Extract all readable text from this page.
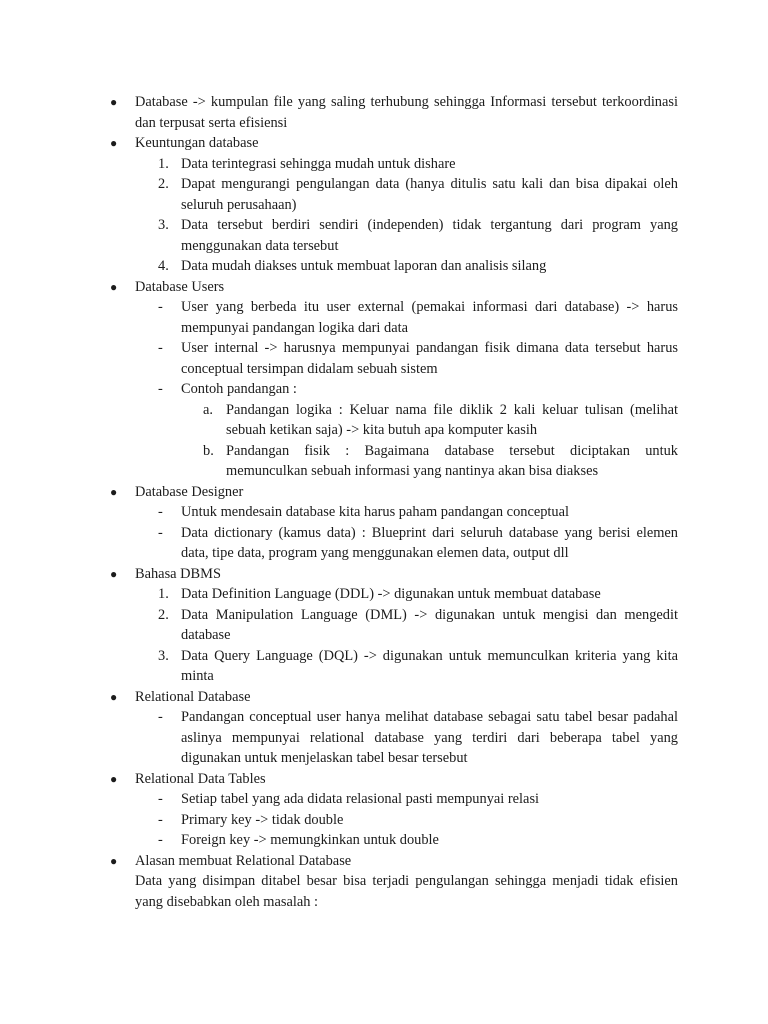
● Database -> kumpulan file yang saling terhubung sehingga Informasi tersebut terkoordinasi dan terpusat serta efisiensi
● Keuntungan database
1. Data terintegrasi sehingga mudah untuk dishare
2. Dapat mengurangi pengulangan data (hanya ditulis satu kali dan bisa dipakai oleh seluruh perusahaan)
3. Data tersebut berdiri sendiri (independen) tidak tergantung dari program yang menggunakan data tersebut
4. Data mudah diakses untuk membuat laporan dan analisis silang
● Database Users
- User yang berbeda itu user external (pemakai informasi dari database) -> harus mempunyai pandangan logika dari data
- User internal -> harusnya mempunyai pandangan fisik dimana data tersebut harus conceptual tersimpan didalam sebuah sistem
- Contoh pandangan :
a. Pandangan logika : Keluar nama file diklik 2 kali keluar tulisan (melihat sebuah ketikan saja) -> kita butuh apa komputer kasih
b. Pandangan fisik : Bagaimana database tersebut diciptakan untuk memunculkan sebuah informasi yang nantinya akan bisa diakses
● Database Designer
- Untuk mendesain database kita harus paham pandangan conceptual
- Data dictionary (kamus data) : Blueprint dari seluruh database yang berisi elemen data, tipe data, program yang menggunakan elemen data, output dll
● Bahasa DBMS
1. Data Definition Language (DDL) -> digunakan untuk membuat database
2. Data Manipulation Language (DML) -> digunakan untuk mengisi dan mengedit database
3. Data Query Language (DQL) -> digunakan untuk memunculkan kriteria yang kita minta
● Relational Database
- Pandangan conceptual user hanya melihat database sebagai satu tabel besar padahal aslinya mempunyai relational database yang terdiri dari beberapa tabel yang digunakan untuk menjelaskan tabel besar tersebut
● Relational Data Tables
- Setiap tabel yang ada didata relasional pasti mempunyai relasi
- Primary key -> tidak double
- Foreign key -> memungkinkan untuk double
● Alasan membuat Relational Database
Data yang disimpan ditabel besar bisa terjadi pengulangan sehingga menjadi tidak efisien yang disebabkan oleh masalah :
